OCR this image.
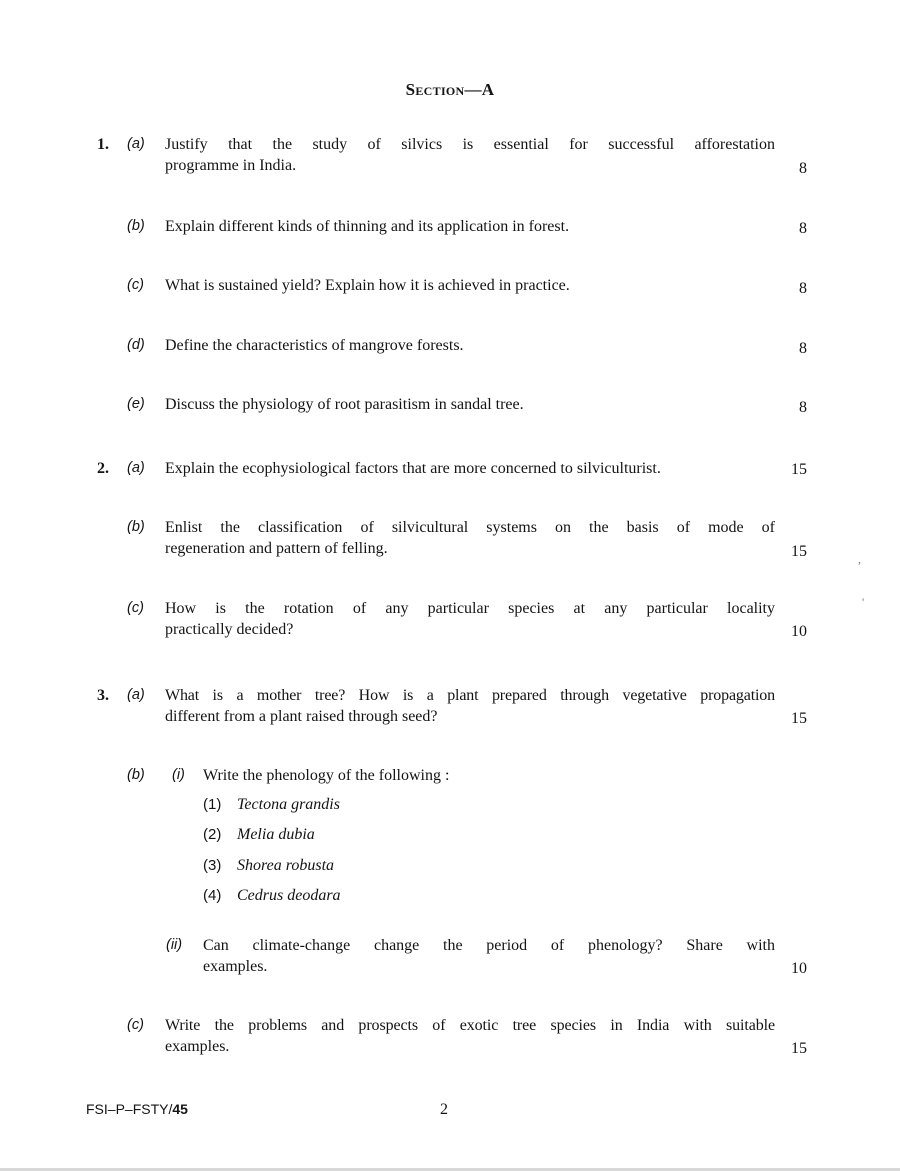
Section—A
1. (a) Justify that the study of silvics is essential for successful afforestation
programme in India.	8
(b) Explain different kinds of thinning and its application in forest.	8
(c) What is sustained yield? Explain how it is achieved in practice.	8
(d) Define the characteristics of mangrove forests.	8
(e) Discuss the physiology of root parasitism in sandal tree.	8
2. (a) Explain the ecophysiological factors that are more concerned to silviculturist.	15
(b) Enlist the classification of silvicultural systems on the basis of mode of
regeneration and pattern of felling.	15
(c) How is the rotation of any particular species at any particular locality
practically decided?	10
3. (a) What is a mother tree? How is a plant prepared through vegetative propagation
different from a plant raised through seed?	15
(b) (i) Write the phenology of the following :
(1) Tectona grandis
(2) Melia dubia
(3) Shorea robusta
(4) Cedrus deodara
(ii) Can climate-change change the period of phenology? Share with
examples.	10
(c) Write the problems and prospects of exotic tree species in India with suitable
examples.	15
FSI–P–FSTY/45	2
,
'
